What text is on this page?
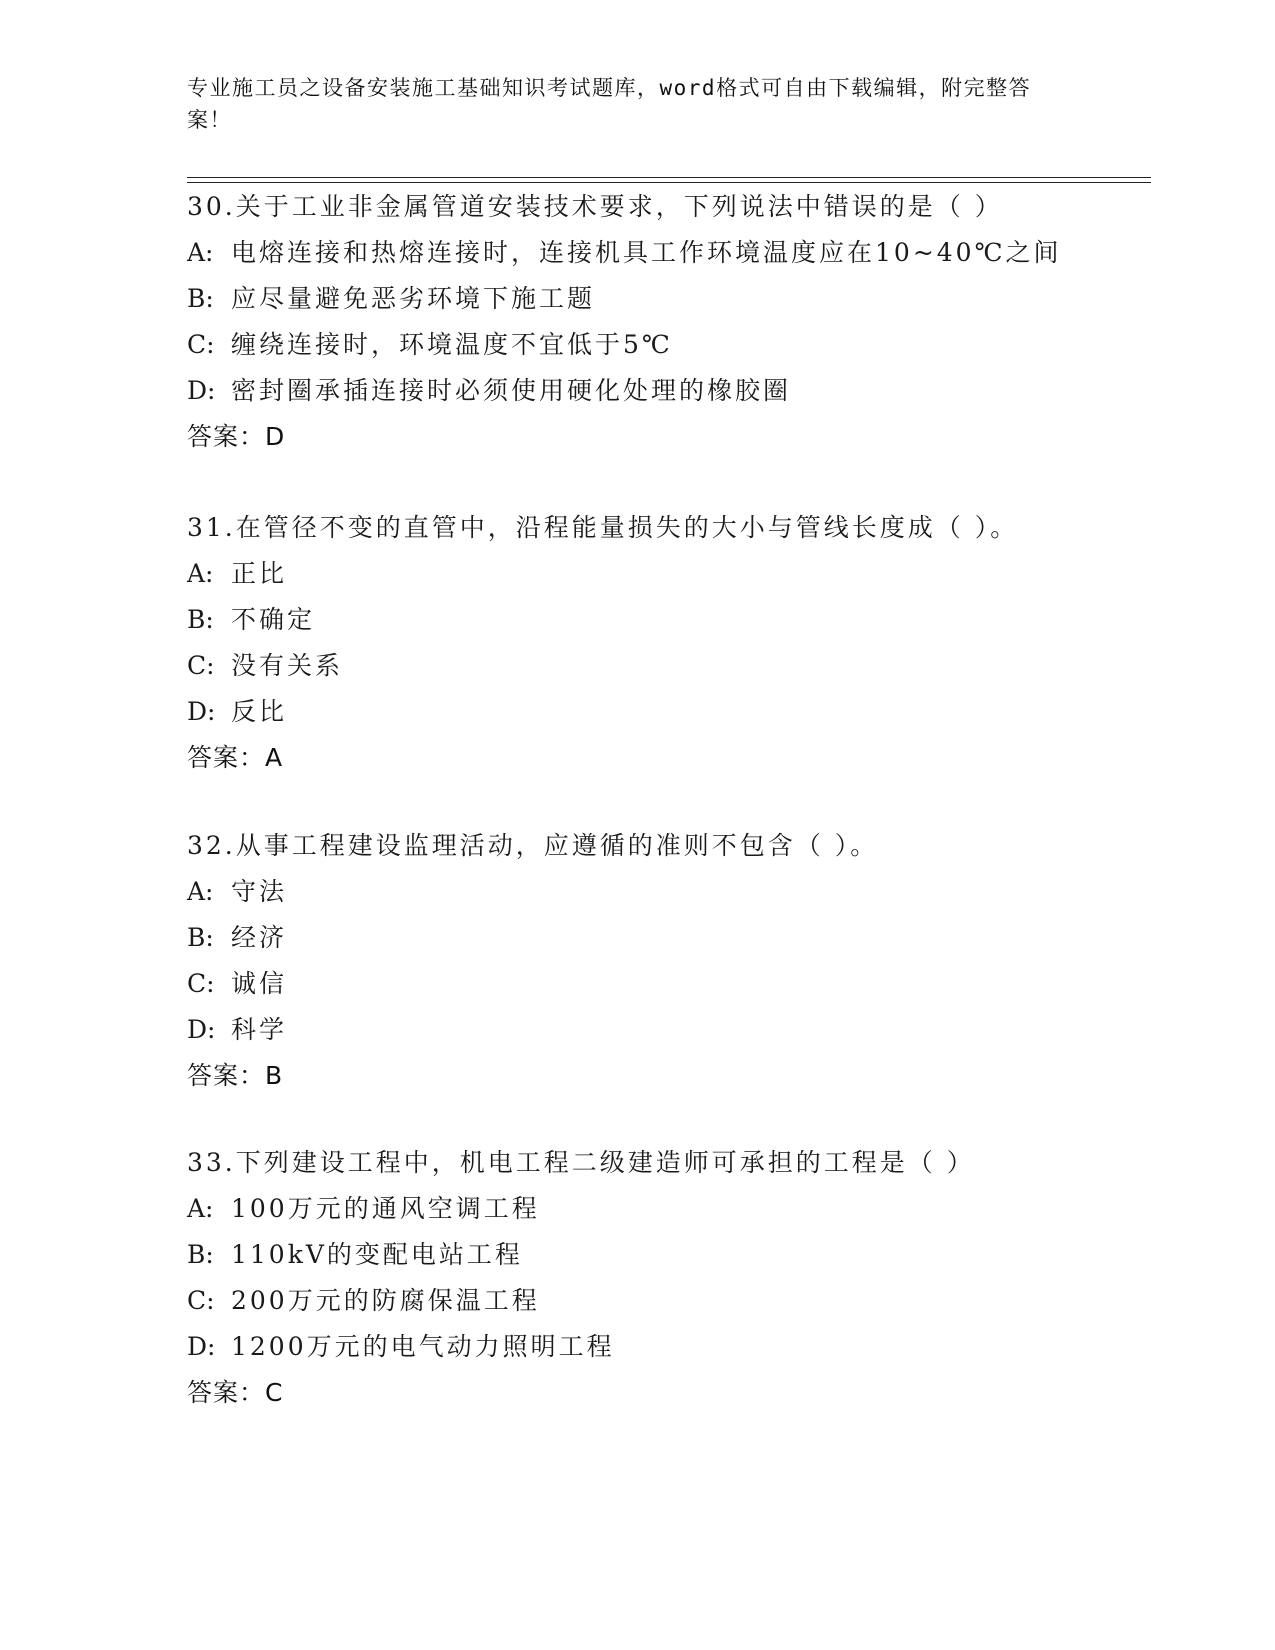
专业施工员之设备安装施工基础知识考试题库，word格式可自由下载编辑，附完整答案！
30.关于工业非金属管道安装技术要求，下列说法中错误的是（ ）
A: 电熔连接和热熔连接时，连接机具工作环境温度应在10~40℃之间
B: 应尽量避免恶劣环境下施工题
C: 缠绕连接时，环境温度不宜低于5℃
D: 密封圈承插连接时必须使用硬化处理的橡胶圈
答案：D
31.在管径不变的直管中，沿程能量损失的大小与管线长度成（ ）。
A: 正比
B: 不确定
C: 没有关系
D: 反比
答案：A
32.从事工程建设监理活动，应遵循的准则不包含（ ）。
A: 守法
B: 经济
C: 诚信
D: 科学
答案：B
33.下列建设工程中，机电工程二级建造师可承担的工程是（ ）
A: 100万元的通风空调工程
B: 110kV的变配电站工程
C: 200万元的防腐保温工程
D: 1200万元的电气动力照明工程
答案：C
